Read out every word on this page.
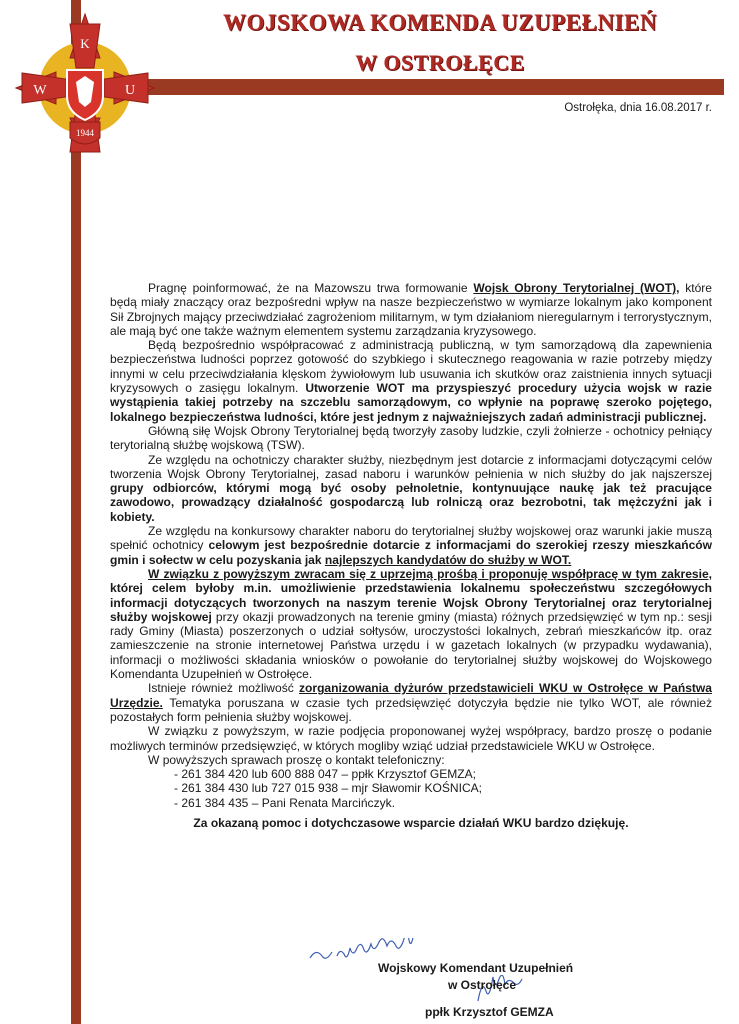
K
W	U
1944
WOJSKOWA KOMENDA UZUPEŁNIEŃ
W OSTROŁĘCE
Ostrołęka, dnia 16.08.2017 r.

Pragnę poinformować, że na Mazowszu trwa formowanie Wojsk Obrony Terytorialnej (WOT), które będą miały znaczący oraz bezpośredni wpływ na nasze bezpieczeństwo w wymiarze lokalnym jako komponent Sił Zbrojnych mający przeciwdziałać zagrożeniom militarnym, w tym działaniom nieregularnym i terrorystycznym, ale mają być one także ważnym elementem systemu zarządzania kryzysowego.

Będą bezpośrednio współpracować z administracją publiczną, w tym samorządową dla zapewnienia bezpieczeństwa ludności poprzez gotowość do szybkiego i skutecznego reagowania w razie potrzeby między innymi w celu przeciwdziałania klęskom żywiołowym lub usuwania ich skutków oraz zaistnienia innych sytuacji kryzysowych o zasięgu lokalnym. Utworzenie WOT ma przyspieszyć procedury użycia wojsk w razie wystąpienia takiej potrzeby na szczeblu samorządowym, co wpłynie na poprawę szeroko pojętego, lokalnego bezpieczeństwa ludności, które jest jednym z najważniejszych zadań administracji publicznej.

Główną siłę Wojsk Obrony Terytorialnej będą tworzyły zasoby ludzkie, czyli żołnierze - ochotnicy pełniący terytorialną służbę wojskową (TSW).

Ze względu na ochotniczy charakter służby, niezbędnym jest dotarcie z informacjami dotyczącymi celów tworzenia Wojsk Obrony Terytorialnej, zasad naboru i warunków pełnienia w nich służby do jak najszerszej grupy odbiorców, którymi mogą być osoby pełnoletnie, kontynuujące naukę jak też pracujące zawodowo, prowadzący działalność gospodarczą lub rolniczą oraz bezrobotni, tak mężczyźni jak i kobiety.

Ze względu na konkursowy charakter naboru do terytorialnej służby wojskowej oraz warunki jakie muszą spełnić ochotnicy celowym jest bezpośrednie dotarcie z informacjami do szerokiej rzeszy mieszkańców gmin i sołectw w celu pozyskania jak najlepszych kandydatów do służby w WOT.

W związku z powyższym zwracam się z uprzejmą prośbą i proponuję współpracę w tym zakresie, której celem byłoby m.in. umożliwienie przedstawienia lokalnemu społeczeństwu szczegółowych informacji dotyczących tworzonych na naszym terenie Wojsk Obrony Terytorialnej oraz terytorialnej służby wojskowej przy okazji prowadzonych na terenie gminy (miasta) różnych przedsięwzięć w tym np.: sesji rady Gminy (Miasta) poszerzonych o udział sołtysów, uroczystości lokalnych, zebrań mieszkańców itp. oraz zamieszczenie na stronie internetowej Państwa urzędu i w gazetach lokalnych (w przypadku wydawania), informacji o możliwości składania wniosków o powołanie do terytorialnej służby wojskowej do Wojskowego Komendanta Uzupełnień w Ostrołęce.

Istnieje również możliwość zorganizowania dyżurów przedstawicieli WKU w Ostrołęce w Państwa Urzędzie. Tematyka poruszana w czasie tych przedsięwzięć dotyczyła będzie nie tylko WOT, ale również pozostałych form pełnienia służby wojskowej.

W związku z powyższym, w razie podjęcia proponowanej wyżej współpracy, bardzo proszę o podanie możliwych terminów przedsięwzięć, w których mogliby wziąć udział przedstawiciele WKU w Ostrołęce.

W powyższych sprawach proszę o kontakt telefoniczny:

- 261 384 420 lub 600 888 047 – ppłk Krzysztof GEMZA;

- 261 384 430 lub 727 015 938 – mjr Sławomir KOŚNICA;

- 261 384 435 – Pani Renata Marcińczyk.

Za okazaną pomoc i dotychczasowe wsparcie działań WKU bardzo dziękuję.

Wojskowy Komendant Uzupełnień
w Ostrołęce
ppłk Krzysztof GEMZA
